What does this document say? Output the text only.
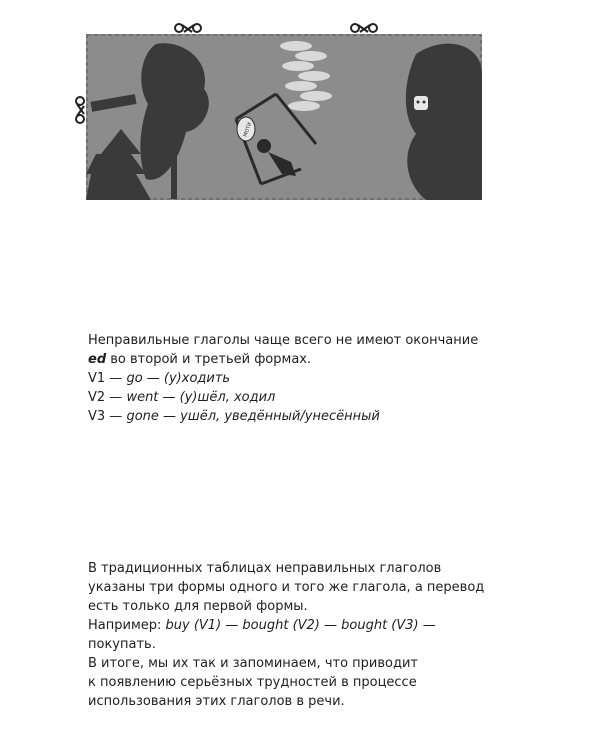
МОТИ

Неправильные глаголы чаще всего не имеют окончание

ed во второй и третьей формах.

V1 — go — (у)ходить

V2 — went — (у)шёл, ходил

V3 — gone — ушёл, уведённый/унесённый

В традиционных таблицах неправильных глаголов

указаны три формы одного и того же глагола, а перевод

есть только для первой формы.

Например: buy (V1) — bought (V2) — bought (V3) —

покупать.

В итоге, мы их так и запоминаем, что приводит

к появлению серьёзных трудностей в процессе

использования этих глаголов в речи.
